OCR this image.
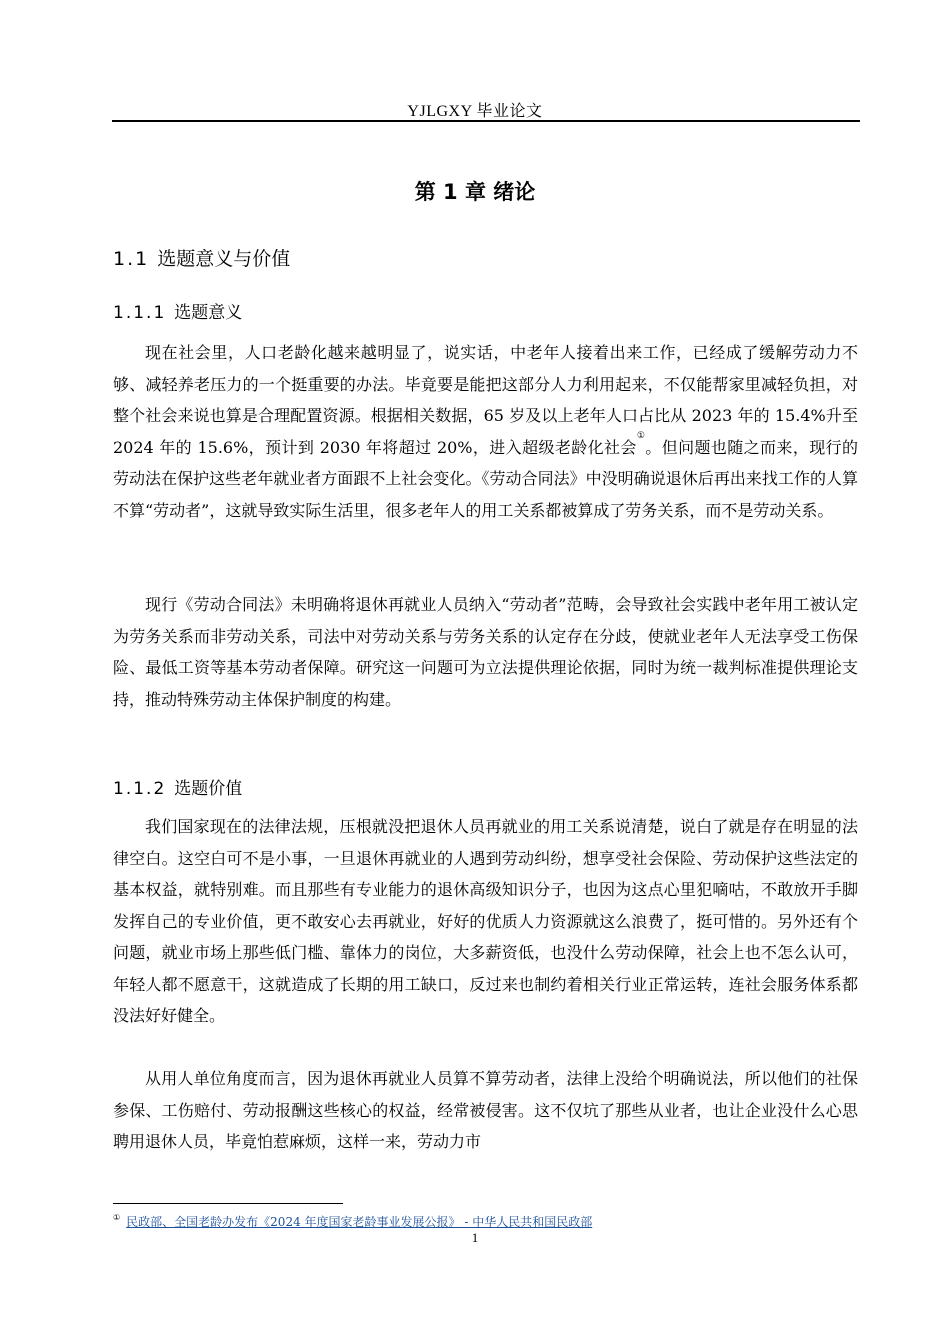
YJLGXY 毕业论文
第 1 章 绪论
1.1 选题意义与价值
1.1.1 选题意义

现在社会里，人口老龄化越来越明显了，说实话，中老年人接着出来工作，已经成了缓解劳动力不够、减轻养老压力的一个挺重要的办法。毕竟要是能把这部分人力利用起来，不仅能帮家里减轻负担，对整个社会来说也算是合理配置资源。根据相关数据，65 岁及以上老年人口占比从 2023 年的 15.4%升至 2024 年的 15.6%，预计到 2030 年将超过 20%，进入超级老龄化社会①。但问题也随之而来，现行的劳动法在保护这些老年就业者方面跟不上社会变化。《劳动合同法》中没明确说退休后再出来找工作的人算不算“劳动者”，这就导致实际生活里，很多老年人的用工关系都被算成了劳务关系，而不是劳动关系。

现行《劳动合同法》未明确将退休再就业人员纳入“劳动者”范畴，会导致社会实践中老年用工被认定为劳务关系而非劳动关系，司法中对劳动关系与劳务关系的认定存在分歧，使就业老年人无法享受工伤保险、最低工资等基本劳动者保障。研究这一问题可为立法提供理论依据，同时为统一裁判标准提供理论支持，推动特殊劳动主体保护制度的构建。

1.1.2 选题价值

我们国家现在的法律法规，压根就没把退休人员再就业的用工关系说清楚，说白了就是存在明显的法律空白。这空白可不是小事，一旦退休再就业的人遇到劳动纠纷，想享受社会保险、劳动保护这些法定的基本权益，就特别难。而且那些有专业能力的退休高级知识分子，也因为这点心里犯嘀咕，不敢放开手脚发挥自己的专业价值，更不敢安心去再就业，好好的优质人力资源就这么浪费了，挺可惜的。另外还有个问题，就业市场上那些低门槛、靠体力的岗位，大多薪资低，也没什么劳动保障，社会上也不怎么认可，年轻人都不愿意干，这就造成了长期的用工缺口，反过来也制约着相关行业正常运转，连社会服务体系都没法好好健全。

从用人单位角度而言，因为退休再就业人员算不算劳动者，法律上没给个明确说法，所以他们的社保参保、工伤赔付、劳动报酬这些核心的权益，经常被侵害。这不仅坑了那些从业者，也让企业没什么心思聘用退休人员，毕竟怕惹麻烦，这样一来，劳动力市

① 民政部、全国老龄办发布《2024 年度国家老龄事业发展公报》 - 中华人民共和国民政部
1
